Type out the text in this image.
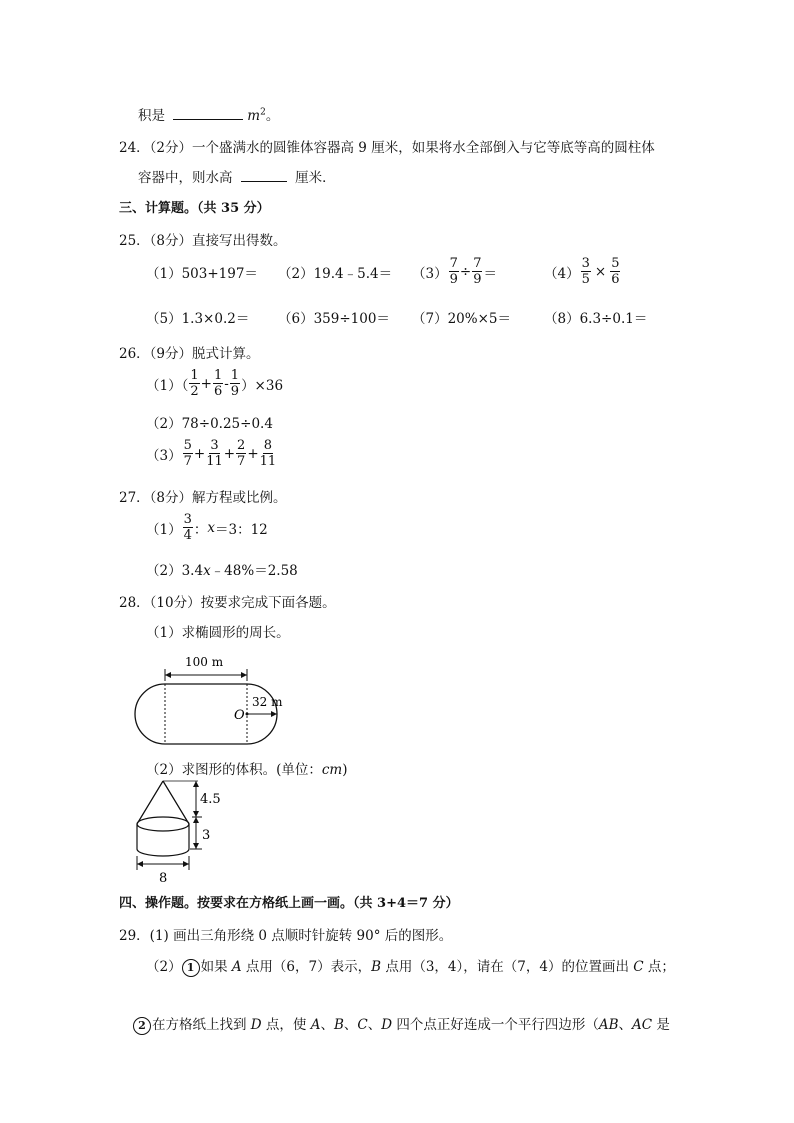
积是	$m^2$。
24．（2分）一个盛满水的圆锥体容器高 9 厘米，如果将水全部倒入与它等底等高的圆柱体
容器中，则水高	厘米．
三、计算题。（共 35 分）
25．（8分）直接写出得数。
（1）503+197＝ （2）19.4﹣5.4＝ $(3) \frac{7}{9} \div \frac{7}{9}$ ＝	$(4) \frac{3}{5} \times \frac{5}{6}$
（5）1.3×0.2＝ （6）359÷100＝ （7）20%×5＝ （8）6.3÷0.1＝
26．（9分）脱式计算。
$(1)( \frac{1}{2} + \frac{1}{6} - \frac{1}{9} )\times 36$
（2）78÷0.25÷0.4
$(3) \frac{5}{7} + \frac{3}{11} + \frac{2}{7} + \frac{8}{11}$
27．（8分）解方程或比例。
$(1) \frac{3}{4}$ ： x ＝3：12
（2）3.4x﹣48%＝2.58
28．（10分）按要求完成下面各题。
（1）求椭圆形的周长。
100 m
O
32 m
（2）求图形的体积。(单位：cm)
4.5
3
8
四、操作题。按要求在方格纸上画一画。（共 3+4＝7 分）
29．(1) 画出三角形绕 0 点顺时针旋转 90° 后的图形。
（2） 1 如果 A 点用（6，7）表示，B 点用（3，4），请在（7，4）的位置画出 C 点；
2 在方格纸上找到 D 点，使 A、B、C、D 四个点正好连成一个平行四边形（AB、AC 是
